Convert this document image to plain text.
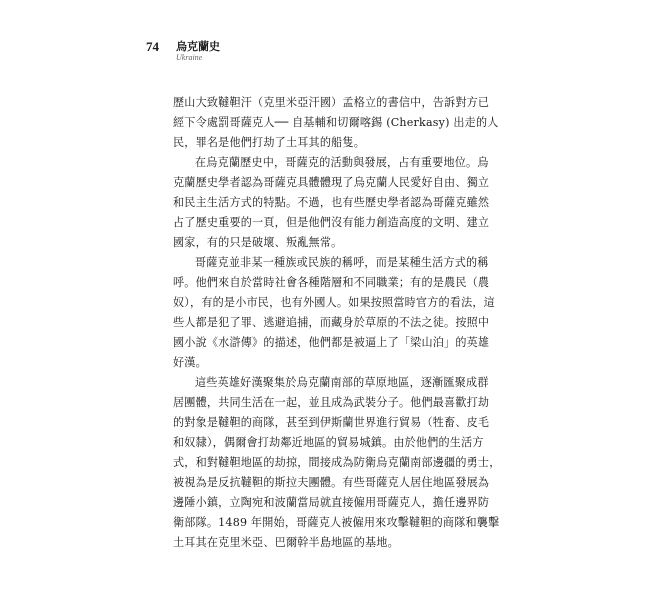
74 烏克蘭史
Ukraine
歷山大致韃靼汗（克里米亞汗國）孟格立的書信中，告訴對方已
經下令處罰哥薩克人── 自基輔和切爾喀錫 (Cherkasy) 出走的人
民，罪名是他們打劫了土耳其的船隻。
在烏克蘭歷史中，哥薩克的活動與發展，占有重要地位。烏
克蘭歷史學者認為哥薩克具體體現了烏克蘭人民愛好自由、獨立
和民主生活方式的特點。不過，也有些歷史學者認為哥薩克雖然
占了歷史重要的一頁，但是他們沒有能力創造高度的文明、建立
國家，有的只是破壞、叛亂無常。
哥薩克並非某一種族或民族的稱呼，而是某種生活方式的稱
呼。他們來自於當時社會各種階層和不同職業；有的是農民（農
奴），有的是小市民，也有外國人。如果按照當時官方的看法，這
些人都是犯了罪、逃避追捕，而藏身於草原的不法之徒。按照中
國小說《水滸傳》的描述，他們都是被逼上了「梁山泊」的英雄
好漢。
這些英雄好漢聚集於烏克蘭南部的草原地區，逐漸匯聚成群
居團體，共同生活在一起，並且成為武裝分子。他們最喜歡打劫
的對象是韃靼的商隊，甚至到伊斯蘭世界進行貿易（牲畜、皮毛
和奴隸），偶爾會打劫鄰近地區的貿易城鎮。由於他們的生活方
式，和對韃靼地區的劫掠，間接成為防衛烏克蘭南部邊疆的勇士，
被視為是反抗韃靼的斯拉夫團體。有些哥薩克人居住地區發展為
邊陲小鎮，立陶宛和波蘭當局就直接僱用哥薩克人，擔任邊界防
衛部隊。1489 年開始，哥薩克人被僱用來攻擊韃靼的商隊和襲擊
土耳其在克里米亞、巴爾幹半島地區的基地。
